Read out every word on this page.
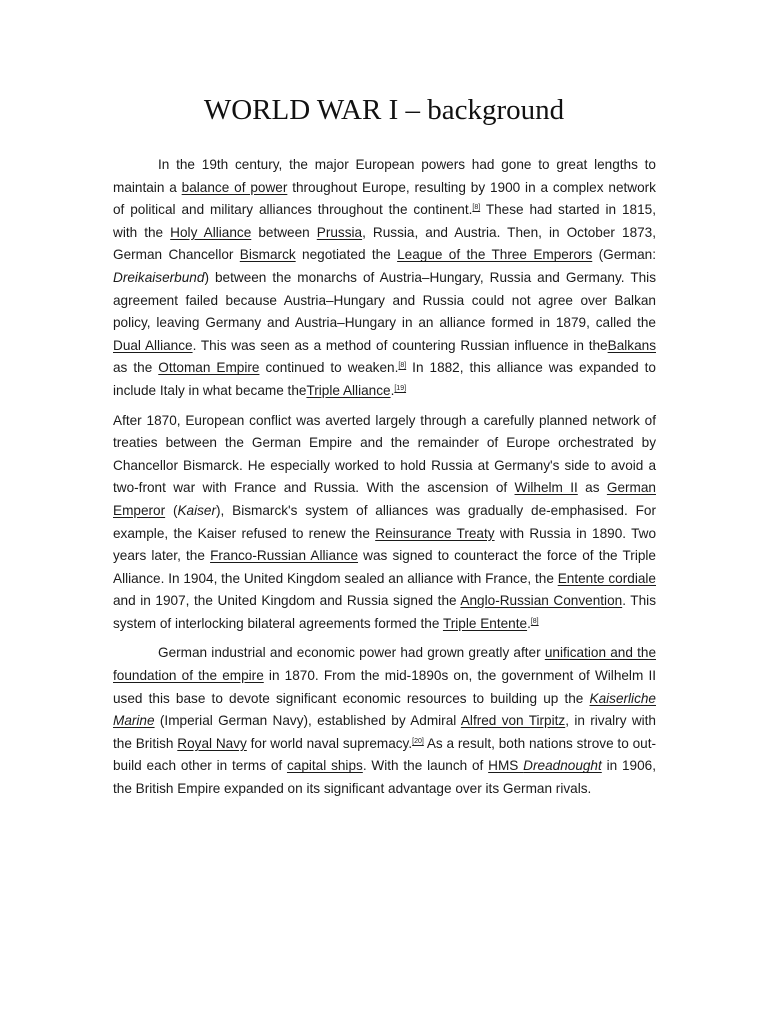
WORLD WAR I – background

In the 19th century, the major European powers had gone to great lengths to maintain a balance of power throughout Europe, resulting by 1900 in a complex network of political and military alliances throughout the continent.[8] These had started in 1815, with the Holy Alliance between Prussia, Russia, and Austria. Then, in October 1873, German Chancellor Bismarck negotiated the League of the Three Emperors (German: Dreikaiserbund) between the monarchs of Austria–Hungary, Russia and Germany. This agreement failed because Austria–Hungary and Russia could not agree over Balkan policy, leaving Germany and Austria–Hungary in an alliance formed in 1879, called the Dual Alliance. This was seen as a method of countering Russian influence in theBalkans as the Ottoman Empire continued to weaken.[8] In 1882, this alliance was expanded to include Italy in what became theTriple Alliance.[19]

After 1870, European conflict was averted largely through a carefully planned network of treaties between the German Empire and the remainder of Europe orchestrated by Chancellor Bismarck. He especially worked to hold Russia at Germany's side to avoid a two-front war with France and Russia. With the ascension of Wilhelm II as German Emperor (Kaiser), Bismarck's system of alliances was gradually de-emphasised. For example, the Kaiser refused to renew the Reinsurance Treaty with Russia in 1890. Two years later, the Franco-Russian Alliance was signed to counteract the force of the Triple Alliance. In 1904, the United Kingdom sealed an alliance with France, the Entente cordiale and in 1907, the United Kingdom and Russia signed the Anglo-Russian Convention. This system of interlocking bilateral agreements formed the Triple Entente.[8]

German industrial and economic power had grown greatly after unification and the foundation of the empire in 1870. From the mid-1890s on, the government of Wilhelm II used this base to devote significant economic resources to building up the Kaiserliche Marine (Imperial German Navy), established by Admiral Alfred von Tirpitz, in rivalry with the British Royal Navy for world naval supremacy.[20] As a result, both nations strove to out-build each other in terms of capital ships. With the launch of HMS Dreadnought in 1906, the British Empire expanded on its significant advantage over its German rivals.
